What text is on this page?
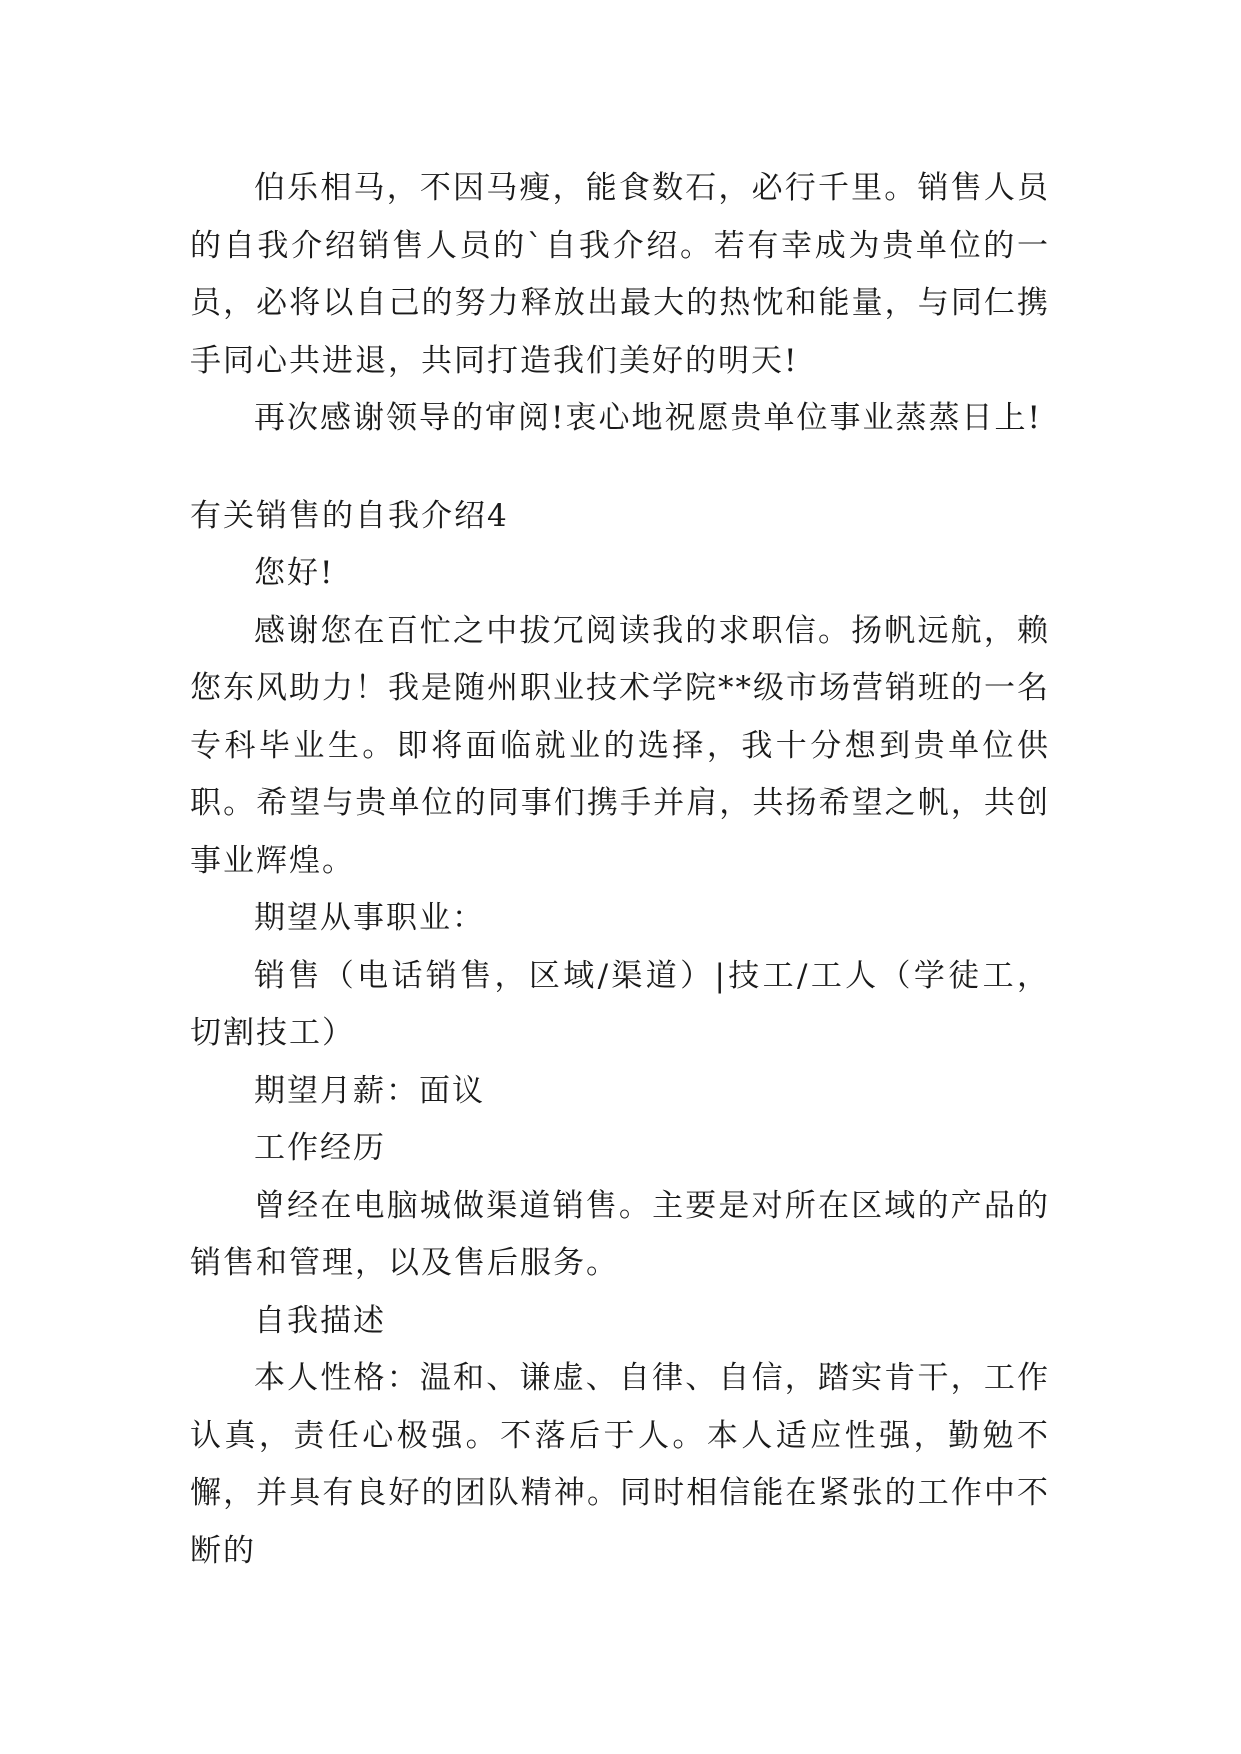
伯乐相马，不因马瘦，能食数石，必行千里。销售人员的自我介绍销售人员的`自我介绍。若有幸成为贵单位的一员，必将以自己的努力释放出最大的热忱和能量，与同仁携手同心共进退，共同打造我们美好的明天!

再次感谢领导的审阅!衷心地祝愿贵单位事业蒸蒸日上!

有关销售的自我介绍4

您好!

感谢您在百忙之中拔冗阅读我的求职信。扬帆远航，赖您东风助力！我是随州职业技术学院**级市场营销班的一名专科毕业生。即将面临就业的选择，我十分想到贵单位供职。希望与贵单位的同事们携手并肩，共扬希望之帆，共创事业辉煌。

期望从事职业：

销售（电话销售，区域/渠道）|技工/工人（学徒工，切割技工）

期望月薪：面议

工作经历

曾经在电脑城做渠道销售。主要是对所在区域的产品的销售和管理，以及售后服务。

自我描述

本人性格：温和、谦虚、自律、自信，踏实肯干，工作认真，责任心极强。不落后于人。本人适应性强，勤勉不懈，并具有良好的团队精神。同时相信能在紧张的工作中不断的
